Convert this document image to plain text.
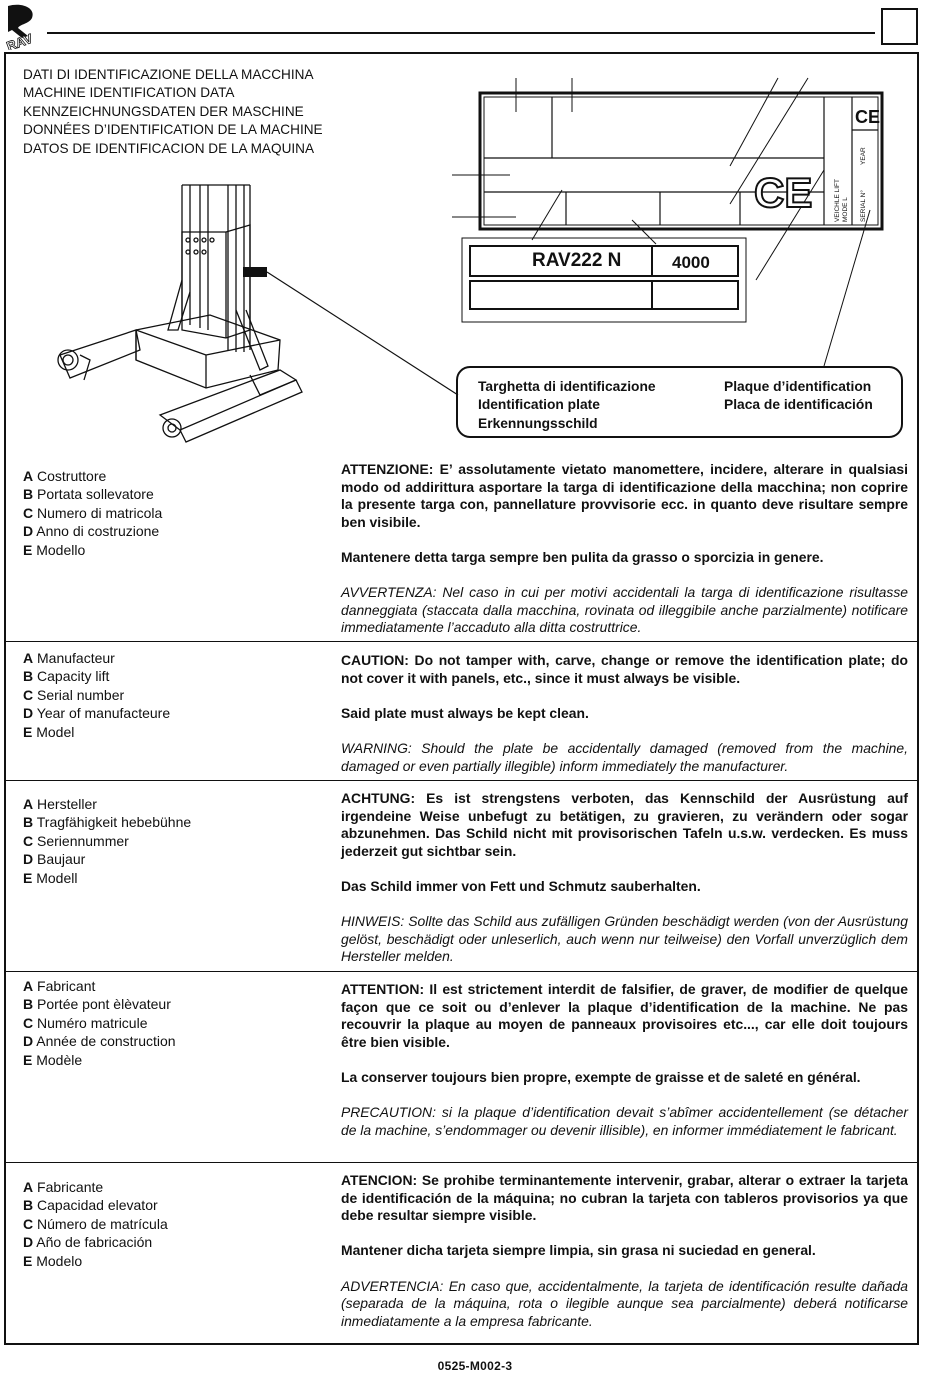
RAV
DATI DI IDENTIFICAZIONE DELLA MACCHINA
MACHINE IDENTIFICATION DATA
KENNZEICHNUNGSDATEN DER MASCHINE
DONNÉES D’IDENTIFICATION DE LA MACHINE
DATOS DE IDENTIFICACION DE LA MAQUINA
CE
CE
VEICHLE LIFT MODE L SERIAL N°
YEAR
RAV222 N	4000
Targhetta di identificazione
Identification plate
Erkennungsschild
Plaque d’identification
Placa de identificación
A Costruttore
B Portata sollevatore
C Numero di matricola
D Anno di costruzione
E Modello

ATTENZIONE: E’ assolutamente vietato manomettere, incidere, alterare in qualsiasi modo od addirittura asportare la targa di identificazione della macchina; non coprire la presente targa con, pannellature provvisorie ecc. in quanto deve risultare sempre ben visibile.

Mantenere detta targa sempre ben pulita da grasso o sporcizia in genere.

AVVERTENZA: Nel caso in cui per motivi accidentali la targa di identificazione risultasse danneggiata (staccata dalla macchina, rovinata od illeggibile anche parzialmente) notificare immediatamente l’accaduto alla ditta costruttrice.

A Manufacteur
B Capacity lift
C Serial number
D Year of manufacteure
E Model

CAUTION: Do not tamper with, carve, change or remove the identification plate; do not cover it with panels, etc., since it must always be visible.

Said plate must always be kept clean.

WARNING: Should the plate be accidentally damaged (removed from the machine, damaged or even partially illegible) inform immediately the manufacturer.

A Hersteller
B Tragfähigkeit hebebühne
C Seriennummer
D Baujaur
E Modell

ACHTUNG: Es ist strengstens verboten, das Kennschild der Ausrüstung auf irgendeine Weise unbefugt zu betätigen, zu gravieren, zu verändern oder sogar abzunehmen. Das Schild nicht mit provisorischen Tafeln u.s.w. verdecken. Es muss jederzeit gut sichtbar sein.

Das Schild immer von Fett und Schmutz sauberhalten.

HINWEIS: Sollte das Schild aus zufälligen Gründen beschädigt werden (von der Ausrüstung gelöst, beschädigt oder unleserlich, auch wenn nur teilweise) den Vorfall unverzüglich dem Hersteller melden.

A Fabricant
B Portée pont èlèvateur
C Numéro matricule
D Année de construction
E Modèle

ATTENTION: Il est strictement interdit de falsifier, de graver, de modifier de quelque façon que ce soit ou d’enlever la plaque d’identification de la machine. Ne pas recouvrir la plaque au moyen de panneaux provisoires etc..., car elle doit toujours être bien visible.

La conserver toujours bien propre, exempte de graisse et de saleté en général.

PRECAUTION: si la plaque d’identification devait s’abîmer accidentellement (se détacher de la machine, s’endommager ou devenir illisible), en informer immédiatement le fabricant.

A Fabricante
B Capacidad elevator
C Número de matrícula
D Año de fabricación
E Modelo

ATENCION: Se prohibe terminantemente intervenir, grabar, alterar o extraer la tarjeta de identificación de la máquina; no cubran la tarjeta con tableros provisorios ya que debe resultar siempre visible.

Mantener dicha tarjeta siempre limpia, sin grasa ni suciedad en general.

ADVERTENCIA: En caso que, accidentalmente, la tarjeta de identificación resulte dañada (separada de la máquina, rota o ilegible aunque sea parcialmente) deberá notificarse inmediatamente a la empresa fabricante.

0525-M002-3
